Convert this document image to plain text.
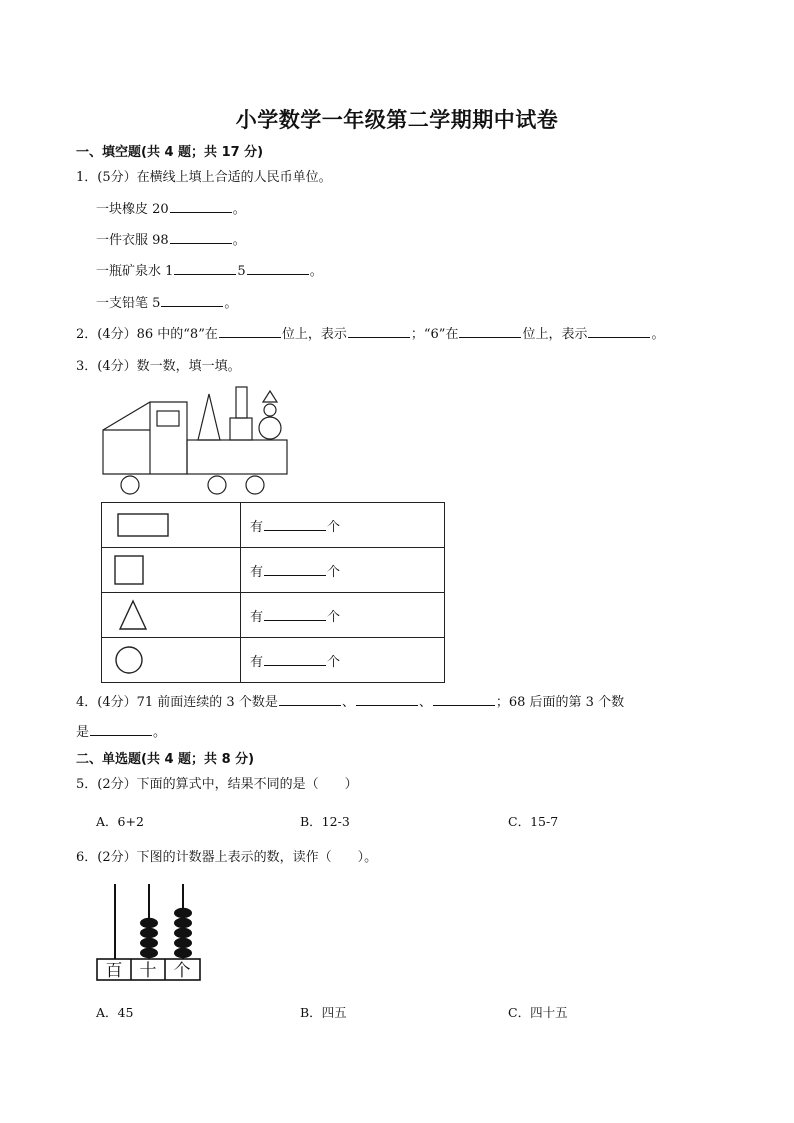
小学数学一年级第二学期期中试卷
一、填空题(共 4 题；共 17 分)
1．(5分）在横线上填上合适的人民币单位。
一块橡皮 20	。
一件衣服 98	。
一瓶矿泉水 1	5	。
一支铅笔 5	。
2．(4分）86 中的“8”在	位上，表示	；“6”在	位上，表示	。
3．(4分）数一数，填一填。
	有 个

	有 个

	有 个

	有 个
4．(4分）71 前面连续的 3 个数是	、	、	；68 后面的第 3 个数
是	。
二、单选题(共 4 题；共 8 分)
5．(2分）下面的算式中，结果不同的是（　　）
A．6+2	B．12-3	C．15-7
6．(2分）下图的计数器上表示的数，读作（　　）。
百 十 个
A．45	B．四五	C．四十五
